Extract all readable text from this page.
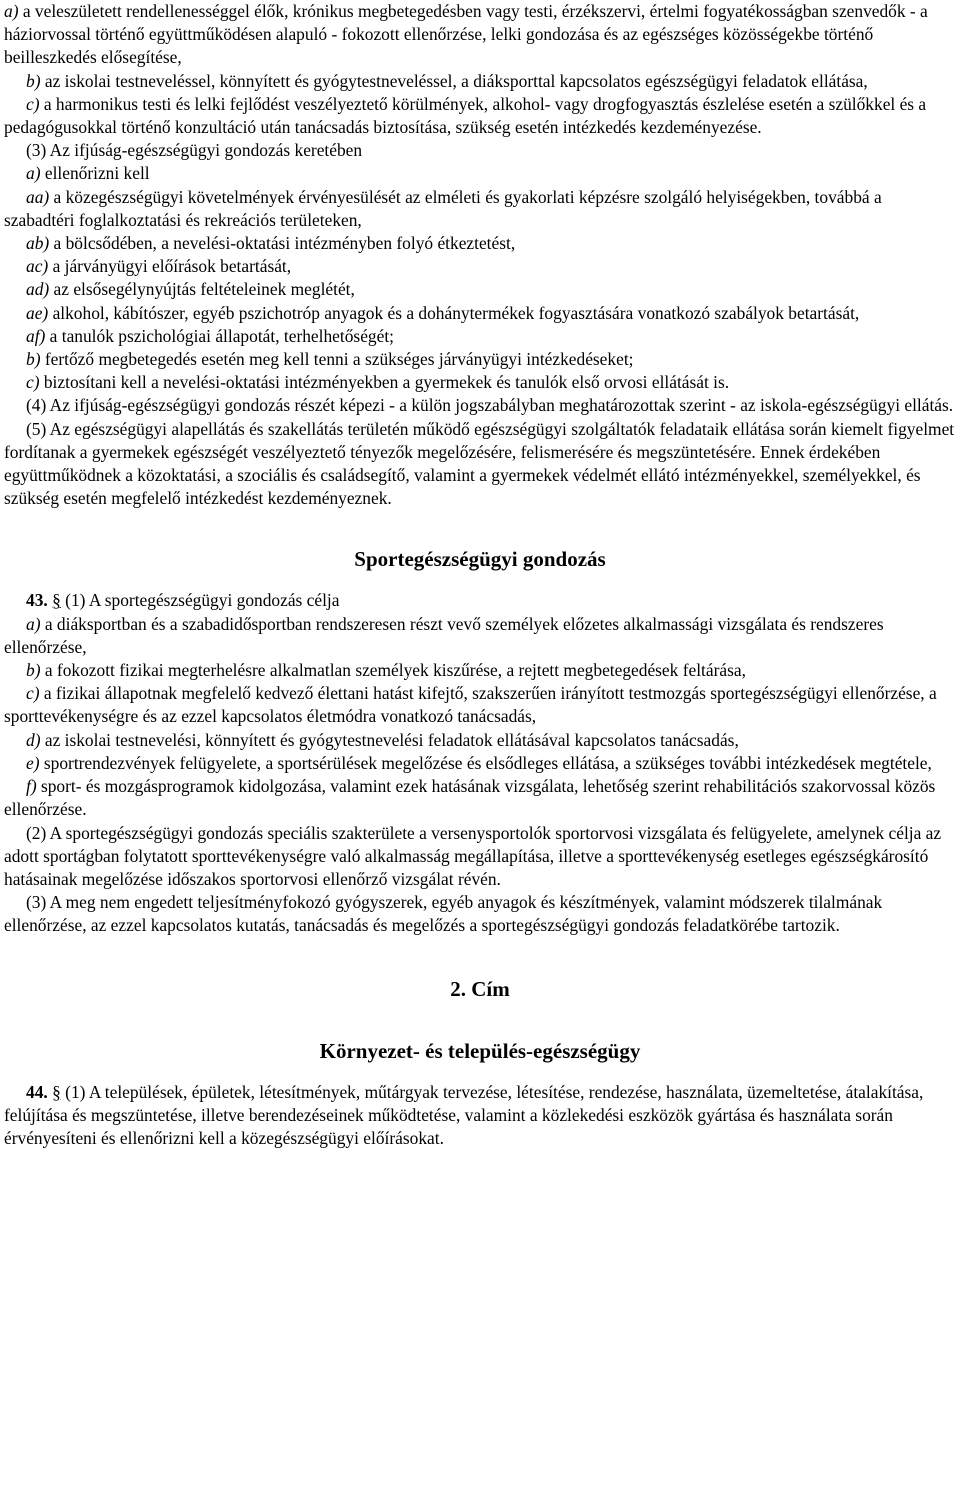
a) a veleszületett rendellenességgel élők, krónikus megbetegedésben vagy testi, érzékszervi, értelmi fogyatékosságban szenvedők - a háziorvossal történő együttműködésen alapuló - fokozott ellenőrzése, lelki gondozása és az egészséges közösségekbe történő beilleszkedés elősegítése,

b) az iskolai testneveléssel, könnyített és gyógytestneveléssel, a diáksporttal kapcsolatos egészségügyi feladatok ellátása,

c) a harmonikus testi és lelki fejlődést veszélyeztető körülmények, alkohol- vagy drogfogyasztás észlelése esetén a szülőkkel és a pedagógusokkal történő konzultáció után tanácsadás biztosítása, szükség esetén intézkedés kezdeményezése.

(3) Az ifjúság-egészségügyi gondozás keretében

a) ellenőrizni kell

aa) a közegészségügyi követelmények érvényesülését az elméleti és gyakorlati képzésre szolgáló helyiségekben, továbbá a szabadtéri foglalkoztatási és rekreációs területeken,

ab) a bölcsődében, a nevelési-oktatási intézményben folyó étkeztetést,

ac) a járványügyi előírások betartását,

ad) az elsősegélynyújtás feltételeinek meglétét,

ae) alkohol, kábítószer, egyéb pszichotróp anyagok és a dohánytermékek fogyasztására vonatkozó szabályok betartását,

af) a tanulók pszichológiai állapotát, terhelhetőségét;

b) fertőző megbetegedés esetén meg kell tenni a szükséges járványügyi intézkedéseket;

c) biztosítani kell a nevelési-oktatási intézményekben a gyermekek és tanulók első orvosi ellátását is.

(4) Az ifjúság-egészségügyi gondozás részét képezi - a külön jogszabályban meghatározottak szerint - az iskola-egészségügyi ellátás.

(5) Az egészségügyi alapellátás és szakellátás területén működő egészségügyi szolgáltatók feladataik ellátása során kiemelt figyelmet fordítanak a gyermekek egészségét veszélyeztető tényezők megelőzésére, felismerésére és megszüntetésére. Ennek érdekében együttműködnek a közoktatási, a szociális és családsegítő, valamint a gyermekek védelmét ellátó intézményekkel, személyekkel, és szükség esetén megfelelő intézkedést kezdeményeznek.

Sportegészségügyi gondozás

43. § (1) A sportegészségügyi gondozás célja

a) a diáksportban és a szabadidősportban rendszeresen részt vevő személyek előzetes alkalmassági vizsgálata és rendszeres ellenőrzése,

b) a fokozott fizikai megterhelésre alkalmatlan személyek kiszűrése, a rejtett megbetegedések feltárása,

c) a fizikai állapotnak megfelelő kedvező élettani hatást kifejtő, szakszerűen irányított testmozgás sportegészségügyi ellenőrzése, a sporttevékenységre és az ezzel kapcsolatos életmódra vonatkozó tanácsadás,

d) az iskolai testnevelési, könnyített és gyógytestnevelési feladatok ellátásával kapcsolatos tanácsadás,

e) sportrendezvények felügyelete, a sportsérülések megelőzése és elsődleges ellátása, a szükséges további intézkedések megtétele,

f) sport- és mozgásprogramok kidolgozása, valamint ezek hatásának vizsgálata, lehetőség szerint rehabilitációs szakorvossal közös ellenőrzése.

(2) A sportegészségügyi gondozás speciális szakterülete a versenysportolók sportorvosi vizsgálata és felügyelete, amelynek célja az adott sportágban folytatott sporttevékenységre való alkalmasság megállapítása, illetve a sporttevékenység esetleges egészségkárosító hatásainak megelőzése időszakos sportorvosi ellenőrző vizsgálat révén.

(3) A meg nem engedett teljesítményfokozó gyógyszerek, egyéb anyagok és készítmények, valamint módszerek tilalmának ellenőrzése, az ezzel kapcsolatos kutatás, tanácsadás és megelőzés a sportegészségügyi gondozás feladatkörébe tartozik.

2. Cím
Környezet- és település-egészségügy

44. § (1) A települések, épületek, létesítmények, műtárgyak tervezése, létesítése, rendezése, használata, üzemeltetése, átalakítása, felújítása és megszüntetése, illetve berendezéseinek működtetése, valamint a közlekedési eszközök gyártása és használata során érvényesíteni és ellenőrizni kell a közegészségügyi előírásokat.
